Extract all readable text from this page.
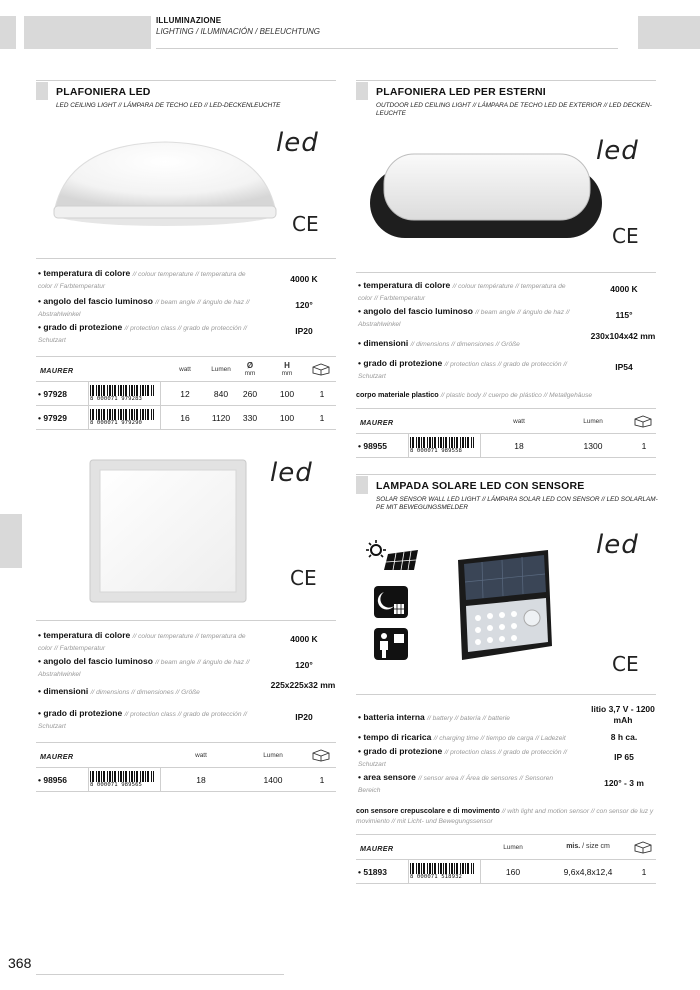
ILLUMINAZIONE
LIGHTING / ILUMINACIÓN / BELEUCHTUNG
PLAFONIERA LED
LED CEILING LIGHT // LÁMPARA DE TECHO LED // LED-DECKENLEUCHTE
led
CE
• temperatura di colore // colour temperature // temperatura de
color // Farbtemperatur
4000 K
• angolo del fascio luminoso // beam angle // ángulo de haz //
Abstrahlwinkel
120°
• grado di protezione // protection class // grado de protección //
Schutzart
IP20
MAURER	watt	Lumen	Ø
mm
H
mm
• 97928	8 000071 979283	12	840	260	100	1
• 97929	8 000071 979290	16	1120	330	100	1
led
CE
• temperatura di colore // colour temperature // temperatura de
color // Farbtemperatur
4000 K
• angolo del fascio luminoso // beam angle // ángulo de haz //
Abstrahlwinkel
120°
• dimensioni // dimensions // dimensiones // Größe
225x225x32 mm
• grado di protezione // protection class // grado de protección //
Schutzart
IP20
MAURER	watt	Lumen
• 98956	8 000071 989565	18	1400	1
PLAFONIERA LED PER ESTERNI
OUTDOOR LED CEILING LIGHT // LÁMPARA DE TECHO LED DE EXTERIOR // LED DECKEN-LEUCHTE
led
CE
• temperatura di colore // colour température // temperatura de
color // Farbtemperatur
4000 K
• angolo del fascio luminoso // beam angle // ángulo de haz //
Abstrahlwinkel
115°
• dimensioni // dimensions // dimensiones // Größe
230x104x42 mm
• grado di protezione // protection class // grado de protección //
Schutzart
IP54
corpo materiale plastico // plastic body // cuerpo de plástico // Metallgehäuse
MAURER	watt	Lumen
• 98955	8 000071 989558	18	1300	1
LAMPADA SOLARE LED CON SENSORE
SOLAR SENSOR WALL LED LIGHT // LÁMPARA SOLAR LED CON SENSOR // LED SOLARLAM-PE MIT BEWEGUNGSMELDER
led
CE
• batteria interna // battery // batería // batterie
litio 3,7 V - 1200 mAh
• tempo di ricarica // charging time // tiempo de carga // Ladezeit	8 h ca.
• grado di protezione // protection class // grado de protección //
Schutzart
IP 65
• area sensore // sensor area // Área de sensores // Sensoren
Bereich
120° - 3 m
con sensore crepuscolare e di movimento // with light and motion sensor // con sensor de luz y movimiento // mit Licht- und Bewegungssensor
MAURER	Lumen	mis. / size cm
• 51893	8 000071 518932	160	9,6x4,8x12,4	1
368
